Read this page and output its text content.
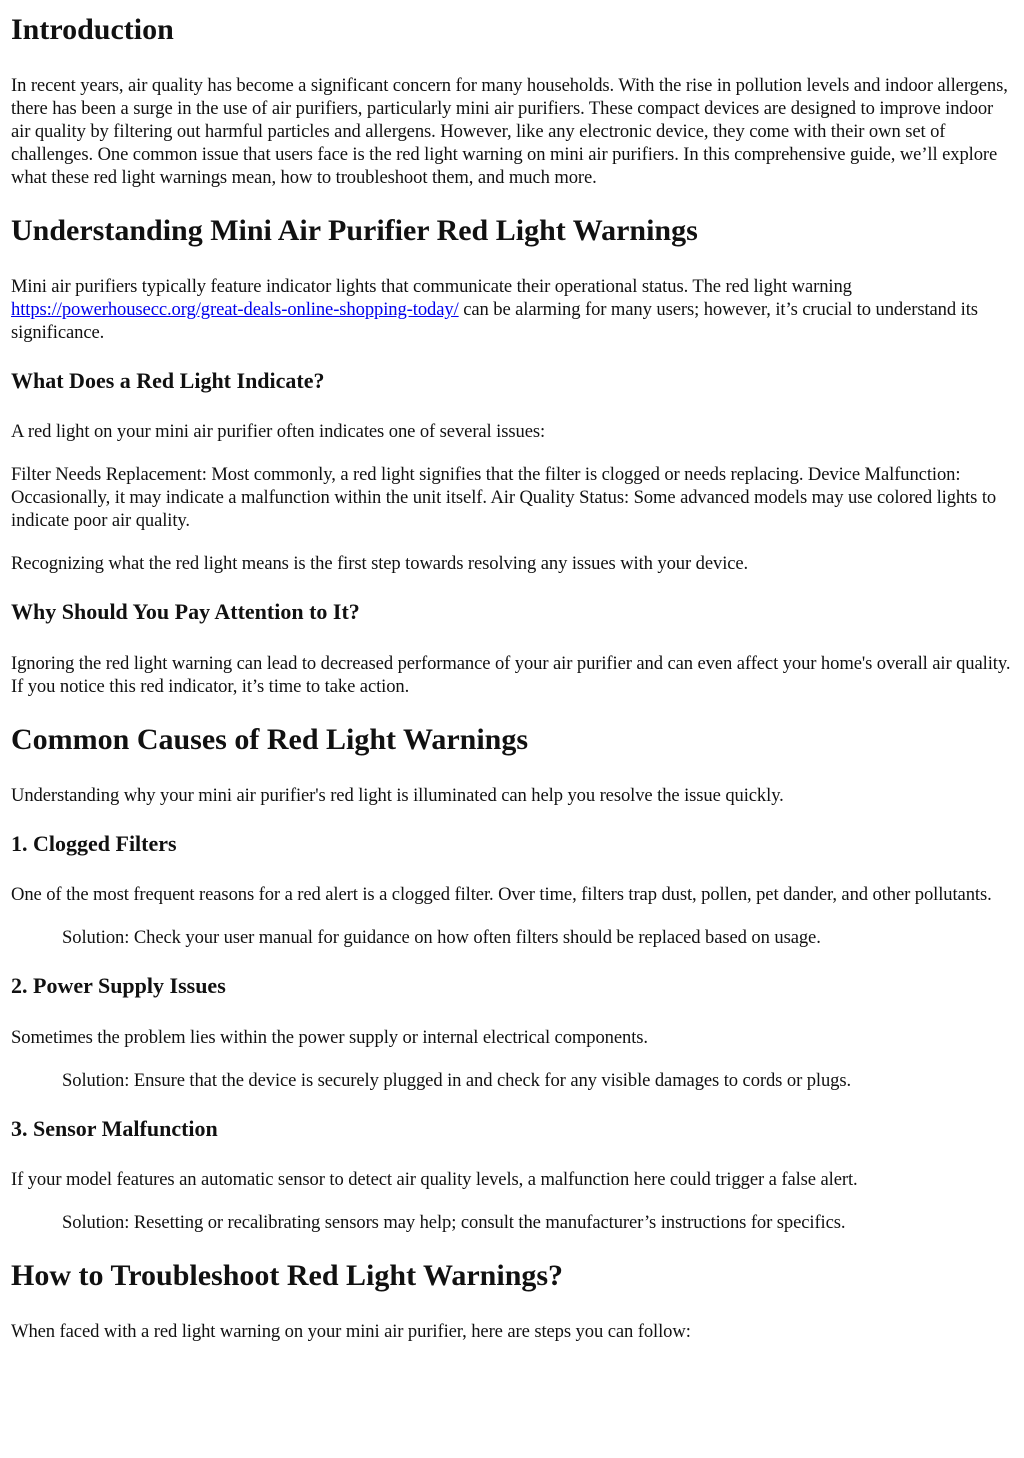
Introduction

In recent years, air quality has become a significant concern for many households. With the rise in pollution levels and indoor allergens, there has been a surge in the use of air purifiers, particularly mini air purifiers. These compact devices are designed to improve indoor air quality by filtering out harmful particles and allergens. However, like any electronic device, they come with their own set of challenges. One common issue that users face is the red light warning on mini air purifiers. In this comprehensive guide, we’ll explore what these red light warnings mean, how to troubleshoot them, and much more.

Understanding Mini Air Purifier Red Light Warnings

Mini air purifiers typically feature indicator lights that communicate their operational status. The red light warning https://powerhousecc.org/great-deals-online-shopping-today/ can be alarming for many users; however, it’s crucial to understand its significance.

What Does a Red Light Indicate?

A red light on your mini air purifier often indicates one of several issues:

Filter Needs Replacement: Most commonly, a red light signifies that the filter is clogged or needs replacing. Device Malfunction: Occasionally, it may indicate a malfunction within the unit itself. Air Quality Status: Some advanced models may use colored lights to indicate poor air quality.

Recognizing what the red light means is the first step towards resolving any issues with your device.

Why Should You Pay Attention to It?

Ignoring the red light warning can lead to decreased performance of your air purifier and can even affect your home's overall air quality. If you notice this red indicator, it’s time to take action.

Common Causes of Red Light Warnings

Understanding why your mini air purifier's red light is illuminated can help you resolve the issue quickly.

1. Clogged Filters

One of the most frequent reasons for a red alert is a clogged filter. Over time, filters trap dust, pollen, pet dander, and other pollutants.

Solution: Check your user manual for guidance on how often filters should be replaced based on usage.

2. Power Supply Issues

Sometimes the problem lies within the power supply or internal electrical components.

Solution: Ensure that the device is securely plugged in and check for any visible damages to cords or plugs.

3. Sensor Malfunction

If your model features an automatic sensor to detect air quality levels, a malfunction here could trigger a false alert.

Solution: Resetting or recalibrating sensors may help; consult the manufacturer’s instructions for specifics.

How to Troubleshoot Red Light Warnings?

When faced with a red light warning on your mini air purifier, here are steps you can follow:
